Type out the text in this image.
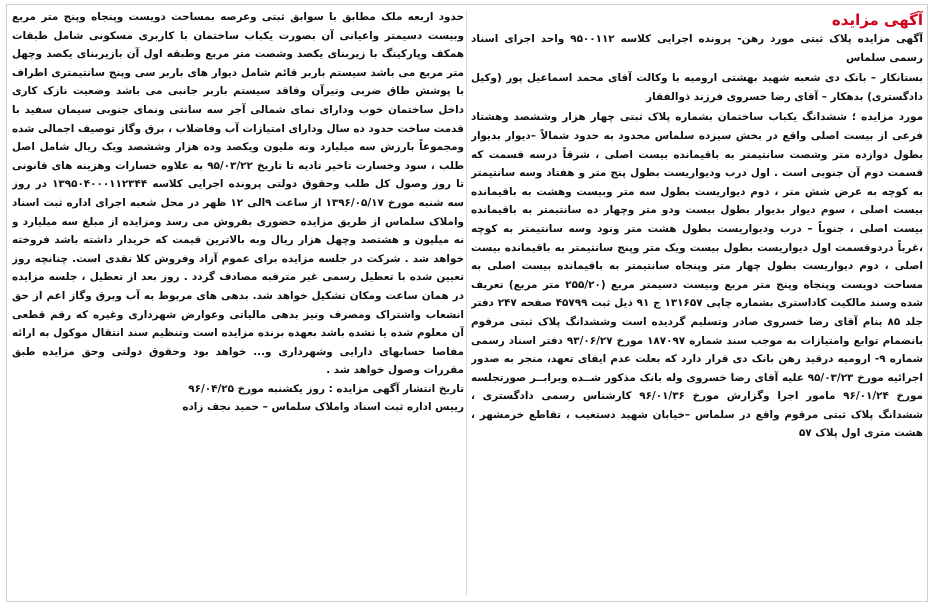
آگهی مزایده

آگهی مزایده پلاک ثبتی مورد رهن- پرونده اجرایی کلاسه ۹۵۰۰۱۱۲ واحد اجرای اسناد رسمی سلماس

بستانکار – بانک دی شعبه شهید بهشتی ارومیه با وکالت آقای محمد اسماعیل پور (وکیل دادگستری) بدهکار – آقای رضا خسروی فرزند ذوالفقار

مورد مزایده ؛ ششدانگ یکباب ساختمان بشماره پلاک ثبتی چهار هزار وششصد وهشتاد فرعی از بیست اصلی واقع در بخش سیزده سلماس محدود به حدود شمالاً –دیوار بدیوار بطول دوازده متر وشصت سانتیمتر به باقیمانده بیست اصلی ، شرقاً درسه قسمت که قسمت دوم آن جنوبی است . اول درب ودیواریست بطول پنج متر و هفتاد وسه سانتیمتر به کوچه به عرض شش متر ، دوم دیواریست بطول سه متر وبیست وهشت به باقیمانده بیست اصلی ، سوم دیوار بدیوار بطول بیست ودو متر وچهار ده سانتیمتر به باقیمانده بیست اصلی ، جنوباً – درب ودیواریست بطول هشت متر ونود وسه سانتیمتر به کوچه ،غرباً دردوقسمت اول دیواریست بطول بیست ویک متر وپنج سانتیمتر به باقیمانده بیست اصلی ، دوم دیواریست بطول چهار متر وپنجاه سانتیمتر به باقیمانده بیست اصلی به مساحت دویست وپنجاه وپنج متر مربع وبیست دسیمتر مربع (۲۵۵/۲۰ متر مربع) تعریف شده وسند مالکیت کاداستری بشماره چاپی ۱۳۱۶۵۷ ج ۹۱ ذیل ثبت ۴۵۷۹۹ صفحه ۲۴۷ دفتر جلد ۸۵ بنام آقای رضا خسروی صادر وتسلیم گردیده است وششدانگ پلاک ثبتی مرقوم بانضمام توابع وامتیازات به موجب سند شماره ۱۸۷۰۹۷ مورخ ۹۳/۰۶/۲۷ دفتر اسناد رسمی شماره ۹- ارومیه درقید رهن بانک دی قرار دارد که بعلت عدم ایفای تعهد، منجر به صدور اجرائیه مورخ ۹۵/۰۳/۲۳ علیه آقای رضا خسروی وله بانک مذکور شــده وبرابــر صورتجلسه مورخ ۹۶/۰۱/۲۴ مامور اجرا وگزارش مورخ ۹۶/۰۱/۳۶ کارشناس رسمی دادگستری ، ششدانگ پلاک ثبتی مرقوم واقع در سلماس –خیابان شهید دستغیب ، تقاطع خرمشهر ، هشت متری اول پلاک ۵۷

حدود اربعه ملک مطابق با سوابق ثبتی وعرصه بمساحت دویست وپنجاه وپنج متر مربع وبیست دسیمتر واعیانی آن بصورت یکباب ساختمان با کاربری مسکونی شامل طبقات همکف وپارکینگ با زیربنای یکصد وشصت متر مربع وطبقه اول آن بازیربنای یکصد وچهل متر مربع می باشد سیستم باربر قائم شامل دیوار های باربر سی وپنج سانتیمتری اطراف با پوشش طاق ضربی وتیرآن وفاقد سیستم باربر جانبی می باشد وضعیت نازک کاری داخل ساختمان خوب ودارای نمای شمالی آجر سه سانتی ونمای جنوبی سیمان سفید با قدمت ساخت حدود ده سال ودارای امتیازات آب وفاضلاب ، برق وگاز توصیف اجمالی شده ومجموعاً بارزش سه میلیارد ونه ملیون ویکصد وده هزار وششصد ویک ریال شامل اصل طلب ، سود وخسارت تاخیر تادیه تا تاریخ ۹۵/۰۳/۲۲ به علاوه خسارات وهزینه های قانونی تا روز وصول کل طلب وحقوق دولتی پرونده اجرایی کلاسه ۱۳۹۵۰۴۰۰۰۱۱۲۳۴۴ در روز سه شنبه مورخ ۱۳۹۶/۰۵/۱۷ از ساعت ۹الی ۱۲ ظهر در محل شعبه اجرای اداره ثبت اسناد واملاک سلماس از طریق مزایده حضوری بفروش می رسد ومزایده از مبلغ سه میلیارد و نه میلیون و هشتصد وچهل هزار ریال وبه بالاترین قیمت که خریدار داشته باشد فروخته خواهد شد . شرکت در جلسه مزایده برای عموم آزاد وفروش کلا نقدی است. چنانچه روز تعیین شده با تعطیل رسمی غیر مترقبه مصادف گردد . روز بعد از تعطیل ، جلسه مزایده در همان ساعت ومکان تشکیل خواهد شد. بدهی های مربوط به آب وبرق وگاز اعم از حق انشعاب واشتراک ومصرف ونیز بدهی مالیاتی وعوارض شهرداری وغیره که رقم قطعی آن معلوم شده یا نشده باشد بعهده برنده مزایده است وتنظیم سند انتقال موکول به ارائه مفاصا حسابهای دارایی وشهرداری و... خواهد بود وحقوق دولتی وحق مزایده طبق مقررات وصول خواهد شد .

تاریخ انتشار آگهی مزایده : روز یکشنبه مورخ ۹۶/۰۴/۲۵

رییس اداره ثبت اسناد واملاک سلماس – حمید نجف زاده
